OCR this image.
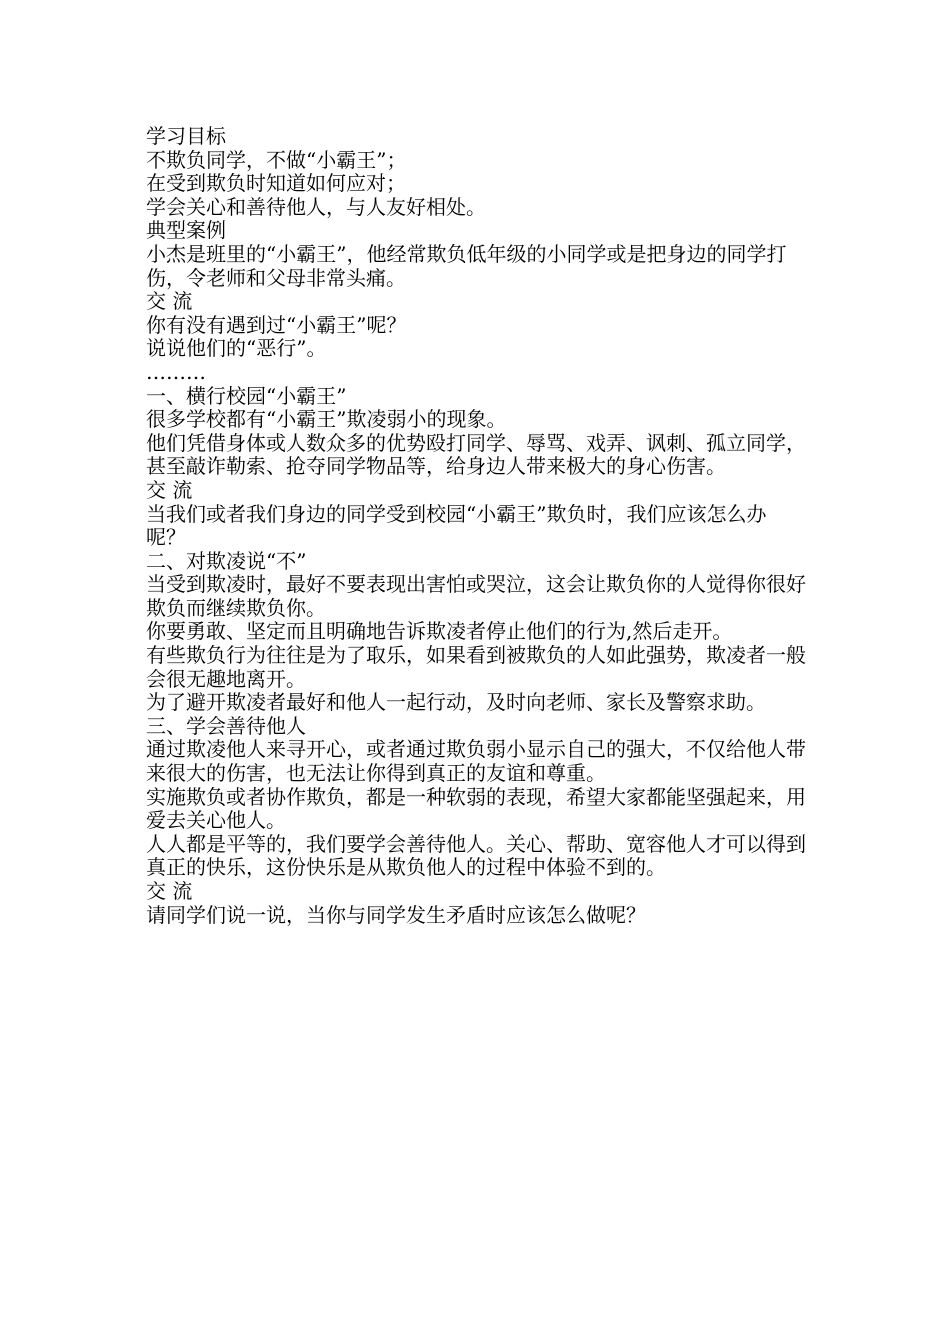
学习目标

不欺负同学，不做“小霸王”；

在受到欺负时知道如何应对；

学会关心和善待他人，与人友好相处。

典型案例

小杰是班里的“小霸王”，他经常欺负低年级的小同学或是把身边的同学打伤，令老师和父母非常头痛。

交 流

你有没有遇到过“小霸王”呢？

说说他们的“恶行”。

………

一、横行校园“小霸王”

很多学校都有“小霸王”欺凌弱小的现象。

他们凭借身体或人数众多的优势殴打同学、辱骂、戏弄、讽刺、孤立同学，甚至敲诈勒索、抢夺同学物品等，给身边人带来极大的身心伤害。

交 流

当我们或者我们身边的同学受到校园“小霸王”欺负时，我们应该怎么办呢？

二、对欺凌说“不”

当受到欺凌时，最好不要表现出害怕或哭泣，这会让欺负你的人觉得你很好欺负而继续欺负你。

你要勇敢、坚定而且明确地告诉欺凌者停止他们的行为,然后走开。

有些欺负行为往往是为了取乐，如果看到被欺负的人如此强势，欺凌者一般会很无趣地离开。

为了避开欺凌者最好和他人一起行动，及时向老师、家长及警察求助。

三、学会善待他人

通过欺凌他人来寻开心，或者通过欺负弱小显示自己的强大，不仅给他人带来很大的伤害，也无法让你得到真正的友谊和尊重。

实施欺负或者协作欺负，都是一种软弱的表现，希望大家都能坚强起来，用爱去关心他人。

人人都是平等的，我们要学会善待他人。关心、帮助、宽容他人才可以得到真正的快乐，这份快乐是从欺负他人的过程中体验不到的。

交 流

请同学们说一说，当你与同学发生矛盾时应该怎么做呢？
